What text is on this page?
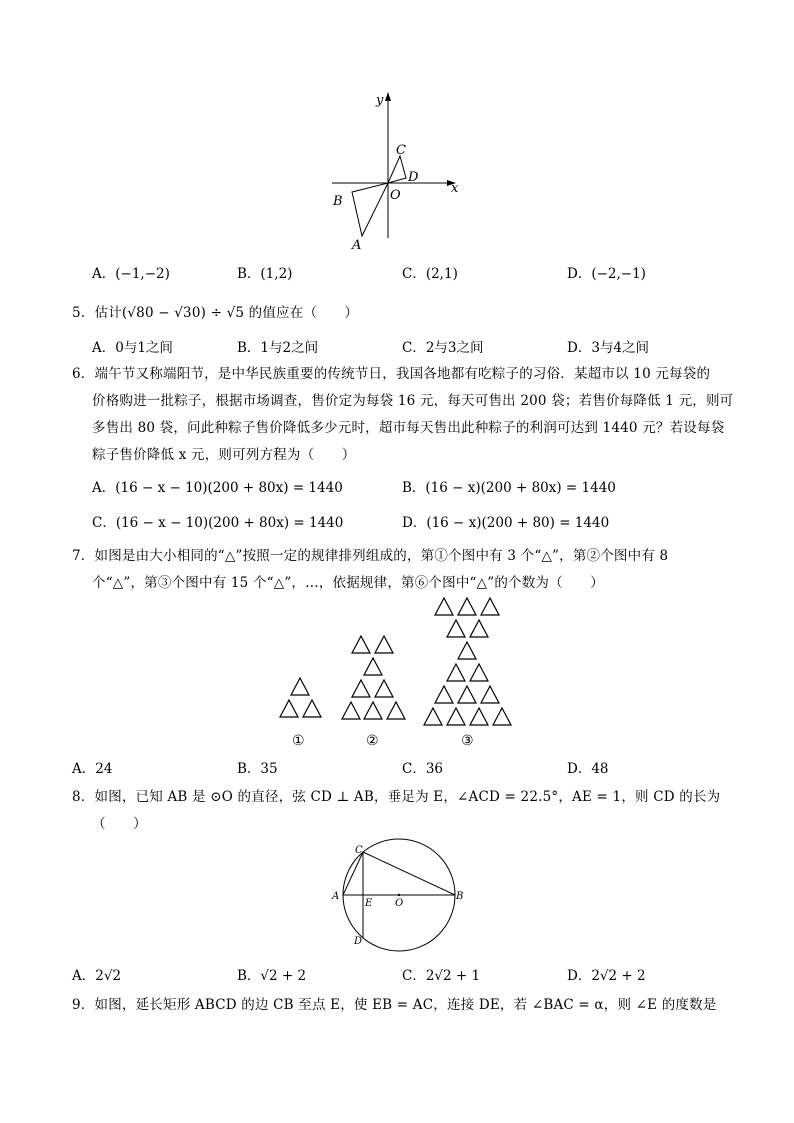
y
x
O
C
D
B
A
A．(−1,−2)	B．(1,2)	C．(2,1)	D．(−2,−1)
5．估计(√80 − √30) ÷ √5 的值应在（　　）
A．0与1之间	B．1与2之间	C．2与3之间	D．3与4之间
6．端午节又称端阳节，是中华民族重要的传统节日，我国各地都有吃粽子的习俗．某超市以 10 元每袋的
价格购进一批粽子，根据市场调查，售价定为每袋 16 元，每天可售出 200 袋；若售价每降低 1 元，则可
多售出 80 袋，问此种粽子售价降低多少元时，超市每天售出此种粽子的利润可达到 1440 元？若设每袋
粽子售价降低 x 元，则可列方程为（　　）
A．(16 − x − 10)(200 + 80x) = 1440	B．(16 − x)(200 + 80x) = 1440
C．(16 − x − 10)(200 + 80x) = 1440	D．(16 − x)(200 + 80) = 1440
7．如图是由大小相同的“△”按照一定的规律排列组成的，第①个图中有 3 个“△”，第②个图中有 8
个“△”，第③个图中有 15 个“△”，…，依据规律，第⑥个图中“△”的个数为（　　）
①	②	③
A．24	B．35	C．36	D．48
8．如图，已知 AB 是 ⊙O 的直径，弦 CD ⊥ AB，垂足为 E，∠ACD = 22.5°，AE = 1，则 CD 的长为
（　　）
C
A
E O
B
D
A．2√2	B．√2 + 2	C．2√2 + 1	D．2√2 + 2
9．如图，延长矩形 ABCD 的边 CB 至点 E，使 EB = AC，连接 DE，若 ∠BAC = α，则 ∠E 的度数是
